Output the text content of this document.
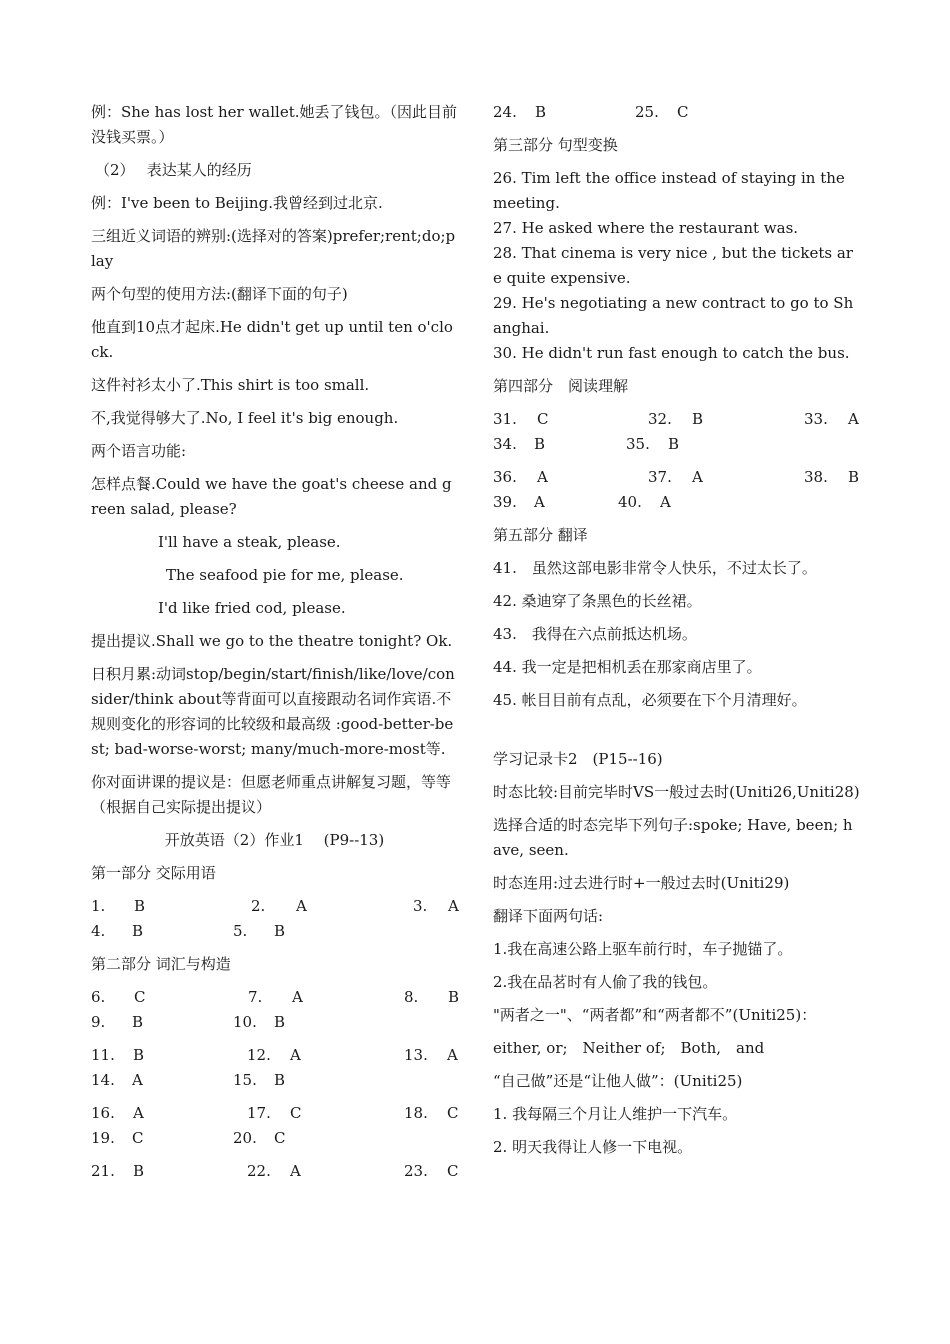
例：She has lost her wallet.她丢了钱包。（因此目前没钱买票。）
（2）　 表达某人的经历
例：I've been to Beijing.我曾经到过北京.
三组近义词语的辨别:(选择对的答案)prefer;rent;do;play
两个句型的使用方法:(翻译下面的句子)
他直到10点才起床.He didn't get up until ten o'clock.
这件衬衫太小了.This shirt is too small.
不,我觉得够大了.No, I feel it's big enough.
两个语言功能:
怎样点餐.Could we have the goat's cheese and green salad, please?
I'll have a steak, please.
The seafood pie for me, please.
I'd like fried cod, please.
提出提议.Shall we go to the theatre tonight? Ok.
日积月累:动词stop/begin/start/finish/like/love/consider/think about等背面可以直接跟动名词作宾语.不规则变化的形容词的比较级和最高级 :good-better-best; bad-worse-worst; many/much-more-most等.
你对面讲课的提议是：但愿老师重点讲解复习题，等等（根据自己实际提出提议）
开放英语（2）作业1　 (P9--13)
第一部分 交际用语
1. B	2. A	3. A
4. B	5. B
第二部分 词汇与构造
6. C	7. A	8. B
9. B	10. B
11. B	12. A	13. A
14. A	15. B
16. A	17. C	18. C
19. C	20. C
21. B	22. A	23. C
24. B	25. C
第三部分 句型变换
26. Tim left the office instead of staying in the meeting.
27. He asked where the restaurant was.
28. That cinema is very nice , but the tickets are quite expensive.
29. He's negotiating a new contract to go to Shanghai.
30. He didn't run fast enough to catch the bus.
第四部分　阅读理解
31. C	32. B	33. A
34. B	35. B
36. A	37. A	38. B
39. A	40. A
第五部分 翻译
41.　虽然这部电影非常令人快乐，不过太长了。
42. 桑迪穿了条黑色的长丝裙。
43.　我得在六点前抵达机场。
44. 我一定是把相机丢在那家商店里了。
45. 帐目目前有点乱，必须要在下个月清理好。
学习记录卡2　(P15--16)
时态比较:目前完毕时VS一般过去时(Uniti26,Uniti28)
选择合适的时态完毕下列句子:spoke; Have, been; have, seen.
时态连用:过去进行时+一般过去时(Uniti29)
翻译下面两句话:
1.我在高速公路上驱车前行时，车子抛锚了。
2.我在品茗时有人偷了我的钱包。
"两者之一"、“两者都”和“两者都不”(Uniti25)：
either, or;　Neither of;　Both,　and
“自己做”还是“让他人做”：(Uniti25)
1. 我每隔三个月让人维护一下汽车。
2. 明天我得让人修一下电视。
